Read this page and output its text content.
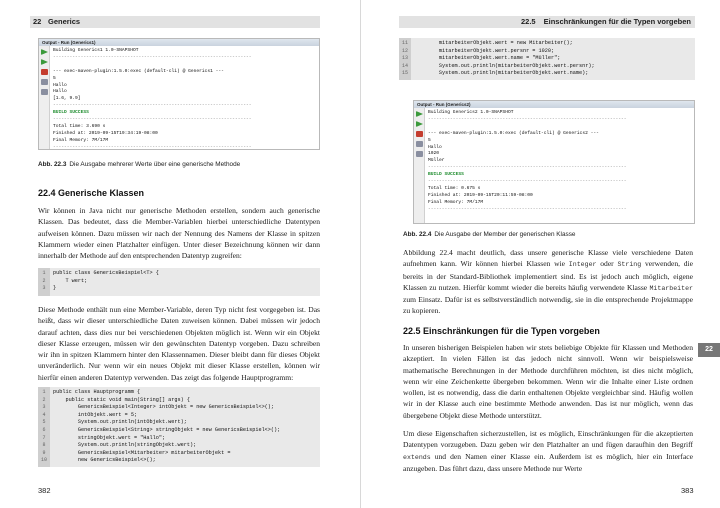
22 Generics
Output - Run (Generics1)
Building Generics1 1.0-SNAPSHOT
------------------------------------------------------------------------

--- exec-maven-plugin:1.5.0:exec (default-cli) @ Generics1 ---
5
Hallo
Hallo
[1.6, 9.9]
------------------------------------------------------------------------
BUILD SUCCESS
------------------------------------------------------------------------
Total time: 3.690 s
Finished at: 2019-09-15T19:34:19-08:00
Final Memory: 7M/17M
------------------------------------------------------------------------
Abb. 22.3 Die Ausgabe mehrerer Werte über eine generische Methode
22.4 Generische Klassen
Wir können in Java nicht nur generische Methoden erstellen, sondern auch generische Klassen. Das bedeutet, dass die Member-Variablen hierbei unterschiedliche Datentypen aufweisen können. Dazu müssen wir nach der Nennung des Namens der Klasse in spitzen Klammern wieder einen Platzhalter einfügen. Unter dieser Bezeichnung können wir dann innerhalb der Methode auf den entsprechenden Datentyp zugreifen:
1
2
3
public class GenericsBeispiel<T> {
T wert;
}
Diese Methode enthält nun eine Member-Variable, deren Typ nicht fest vorgegeben ist. Das heißt, dass wir dieser unterschiedliche Daten zuweisen können. Dabei müssen wir jedoch darauf achten, dass dies nur bei verschiedenen Objekten möglich ist. Wenn wir ein Objekt dieser Klasse erzeugen, müssen wir den gewünschten Datentyp vorgeben. Dazu schreiben wir ihn in spitzen Klammern hinter den Klassennamen. Dieser bleibt dann für dieses Objekt unveränderlich. Nur wenn wir ein neues Objekt mit dieser Klasse erstellen, können wir hierfür einen anderen Datentyp verwenden. Das zeigt das folgende Hauptprogramm:
1
2
3
4
5
6
7
8
9
10
public class Hauptprogramm {
public static void main(String[] args) {
GenericsBeispiel<Integer> intObjekt = new GenericsBeispiel<>();
intObjekt.wert = 5;
System.out.println(intObjekt.wert);
GenericsBeispiel<String> stringObjekt = new GenericsBeispiel<>();
stringObjekt.wert = "Hallo";
System.out.println(stringObjekt.wert);
GenericsBeispiel<Mitarbeiter> mitarbeiterObjekt =
new GenericsBeispiel<>();
382
22.5 Einschränkungen für die Typen vorgeben
11
12
13
14
15
mitarbeiterObjekt.wert = new Mitarbeiter();
mitarbeiterObjekt.wert.persnr = 1020;
mitarbeiterObjekt.wert.name = "Müller";
System.out.println(mitarbeiterObjekt.wert.persnr);
System.out.println(mitarbeiterObjekt.wert.name);
Output - Run (Generics2)
Building Generics2 1.0-SNAPSHOT
------------------------------------------------------------------------

--- exec-maven-plugin:1.5.0:exec (default-cli) @ Generics2 ---
5
Hallo
1020
Müller
------------------------------------------------------------------------
BUILD SUCCESS
------------------------------------------------------------------------
Total time: 0.675 s
Finished at: 2019-09-15T20:11:59-08:00
Final Memory: 7M/17M
------------------------------------------------------------------------
Abb. 22.4 Die Ausgabe der Member der generischen Klasse
Abbildung 22.4 macht deutlich, dass unsere generische Klasse viele verschiedene Daten aufnehmen kann. Wir können hierbei Klassen wie Integer oder String verwenden, die bereits in der Standard-Bibliothek implementiert sind. Es ist jedoch auch möglich, eigene Klassen zu nutzen. Hierfür kommt wieder die bereits häufig verwendete Klasse Mitarbeiter zum Einsatz. Dafür ist es selbstverständlich notwendig, sie in die entsprechende Projektmappe zu kopieren.
22.5 Einschränkungen für die Typen vorgeben
In unseren bisherigen Beispielen haben wir stets beliebige Objekte für Klassen und Methoden akzeptiert. In vielen Fällen ist das jedoch nicht sinnvoll. Wenn wir beispielsweise mathematische Berechnungen in der Methode durchführen möchten, ist dies nicht möglich, wenn wir eine Zeichenkette übergeben bekommen. Wenn wir die Inhalte einer Liste ordnen wollen, ist es notwendig, dass die darin enthaltenen Objekte vergleichbar sind. Häufig wollen wir in der Klasse auch eine bestimmte Methode anwenden. Das ist nur möglich, wenn das übergebene Objekt diese Methode unterstützt.
Um diese Eigenschaften sicherzustellen, ist es möglich, Einschränkungen für die akzeptierten Datentypen vorzugeben. Dazu geben wir den Platzhalter an und fügen daraufhin den Begriff extends und den Namen einer Klasse ein. Außerdem ist es möglich, hier ein Interface anzugeben. Das führt dazu, dass unsere Methode nur Werte
22
383
